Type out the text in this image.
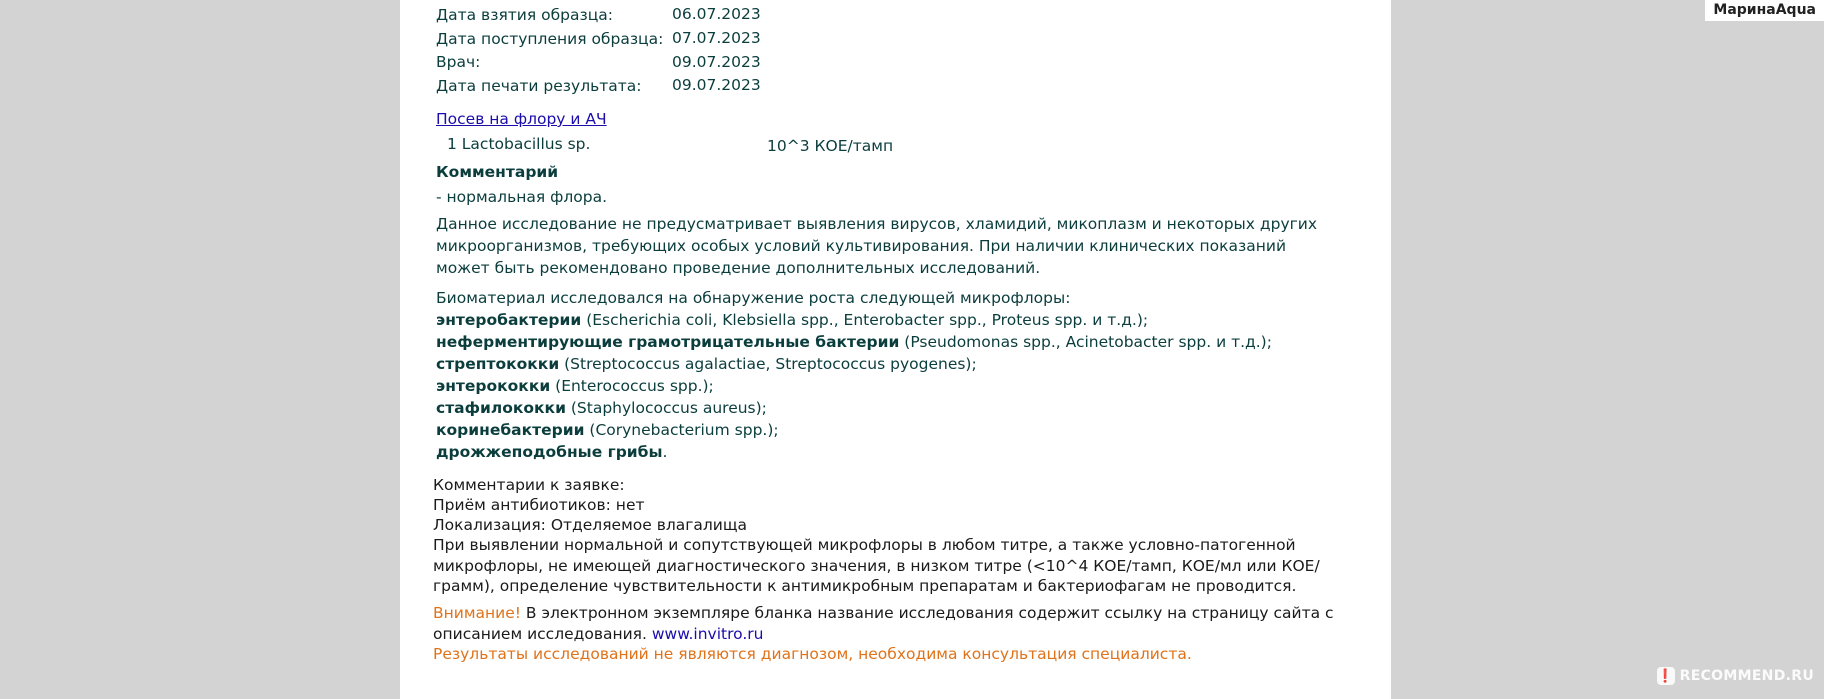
Дата взятия образца:	06.07.2023
Дата поступления образца: 07.07.2023
Врач:	09.07.2023
Дата печати результата: 09.07.2023
Посев на флору и АЧ
1 Lactobacillus sp.	10^3 КОЕ/тамп
Комментарий
- нормальная флора.
Данное исследование не предусматривает выявления вирусов, хламидий, микоплазм и некоторых других микроорганизмов, требующих особых условий культивирования. При наличии клинических показаний может быть рекомендовано проведение дополнительных исследований.
Биоматериал исследовался на обнаружение роста следующей микрофлоры:
энтеробактерии (Escherichia coli, Klebsiella spp., Enterobacter spp., Proteus spp. и т.д.);
неферментирующие грамотрицательные бактерии (Pseudomonas spp., Acinetobacter spp. и т.д.);
стрептококки (Streptococcus agalactiae, Streptococcus pyogenes);
энтерококки (Enterococcus spp.);
стафилококки (Staphylococcus aureus);
коринебактерии (Corynebacterium spp.);
дрожжеподобные грибы.
Комментарии к заявке:
Приём антибиотиков: нет
Локализация: Отделяемое влагалища
При выявлении нормальной и сопутствующей микрофлоры в любом титре, а также условно-патогенной микрофлоры, не имеющей диагностического значения, в низком титре (<10^4 КОЕ/тамп, КОЕ/мл или КОЕ/грамм), определение чувствительности к антимикробным препаратам и бактериофагам не проводится.
Внимание! В электронном экземпляре бланка название исследования содержит ссылку на страницу сайта с описанием исследования. www.invitro.ru
Результаты исследований не являются диагнозом, необходима консультация специалиста.
МаринаAqua
❗ RECOMMEND.RU
